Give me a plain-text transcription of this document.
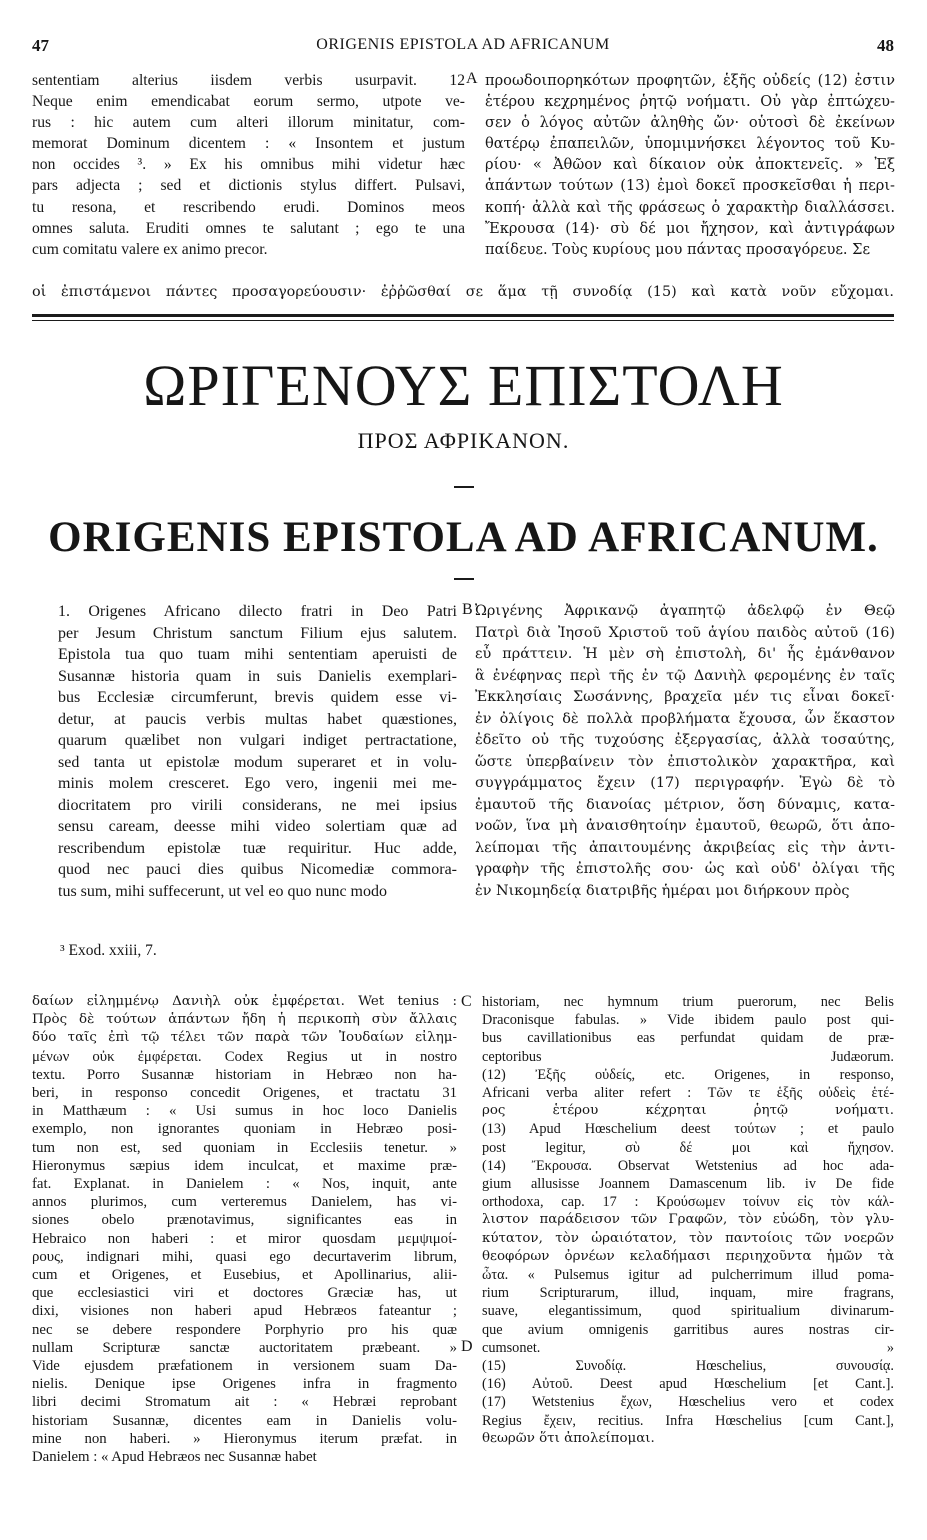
47	ORIGENIS EPISTOLA AD AFRICANUM	48
sententiam alterius iisdem verbis usurpavit. 12
Neque enim emendicabat eorum sermo, utpote ve-
rus : hic autem cum alteri illorum minitatur, com-
memorat Dominum dicentem : « Insontem et justum
non occides ³. » Ex his omnibus mihi videtur hæc
pars adjecta ; sed et dictionis stylus differt. Pulsavi,
tu resona, et rescribendo erudi. Dominos meos
omnes saluta. Eruditi omnes te salutant ; ego te una
cum comitatu valere ex animo precor.
A προωδοιπορηκότων προφητῶν, ἑξῆς οὐδείς (12) ἐστιν
ἑτέρου κεχρημένος ῥητῷ νοήματι. Οὐ γὰρ ἐπτώχευ-
σεν ὁ λόγος αὐτῶν ἀληθὴς ὤν· οὑτοσὶ δὲ ἐκείνων
θατέρῳ ἐπαπειλῶν, ὑπομιμνήσκει λέγοντος τοῦ Κυ-
ρίου· « Ἀθῶον καὶ δίκαιον οὐκ ἀποκτενεῖς. » Ἐξ
ἁπάντων τούτων (13) ἐμοὶ δοκεῖ προσκεῖσθαι ἡ περι-
κοπή· ἀλλὰ καὶ τῆς φράσεως ὁ χαρακτὴρ διαλλάσσει.
Ἔκρουσα (14)· σὺ δέ μοι ἤχησον, καὶ ἀντιγράφων
παίδευε. Τοὺς κυρίους μου πάντας προσαγόρευε. Σε
οἱ ἐπιστάμενοι πάντες προσαγορεύουσιν· ἐῤῥῶσθαί σε ἅμα τῇ συνοδίᾳ (15) καὶ κατὰ νοῦν εὔχομαι.
ΩΡΙΓΕΝΟΥΣ ΕΠΙΣΤΟΛΗ
ΠΡΟΣ ΑΦΡΙΚΑΝΟΝ.
ORIGENIS EPISTOLA AD AFRICANUM.
1. Origenes Africano dilecto fratri in Deo Patri
per Jesum Christum sanctum Filium ejus salutem.
Epistola tua quo tuam mihi sententiam aperuisti de
Susannæ historia quam in suis Danielis exemplari-
bus Ecclesiæ circumferunt, brevis quidem esse vi-
detur, at paucis verbis multas habet quæstiones,
quarum quælibet non vulgari indiget pertractatione,
sed tanta ut epistolæ modum superaret et in volu-
minis molem cresceret. Ego vero, ingenii mei me-
diocritatem pro virili considerans, ne mei ipsius
sensu caream, deesse mihi video solertiam quæ ad
rescribendum epistolæ tuæ requiritur. Huc adde,
quod nec pauci dies quibus Nicomediæ commora-
tus sum, mihi suffecerunt, ut vel eo quo nunc modo
B Ὠριγένης Ἀφρικανῷ ἀγαπητῷ ἀδελφῷ ἐν Θεῷ
Πατρὶ διὰ Ἰησοῦ Χριστοῦ τοῦ ἁγίου παιδὸς αὐτοῦ (16)
εὖ πράττειν. Ἡ μὲν σὴ ἐπιστολὴ, δι' ἧς ἐμάνθανον
ἃ ἐνέφηνας περὶ τῆς ἐν τῷ Δανιὴλ φερομένης ἐν ταῖς
Ἐκκλησίαις Σωσάννης, βραχεῖα μέν τις εἶναι δοκεῖ·
ἐν ὀλίγοις δὲ πολλὰ προβλήματα ἔχουσα, ὧν ἕκαστον
ἐδεῖτο οὐ τῆς τυχούσης ἐξεργασίας, ἀλλὰ τοσαύτης,
ὥστε ὑπερβαίνειν τὸν ἐπιστολικὸν χαρακτῆρα, καὶ
συγγράμματος ἔχειν (17) περιγραφήν. Ἐγὼ δὲ τὸ
ἐμαυτοῦ τῆς διανοίας μέτριον, ὅση δύναμις, κατα-
νοῶν, ἵνα μὴ ἀναισθητοίην ἐμαυτοῦ, θεωρῶ, ὅτι ἀπο-
λείπομαι τῆς ἀπαιτουμένης ἀκριβείας εἰς τὴν ἀντι-
γραφὴν τῆς ἐπιστολῆς σου· ὡς καὶ οὐδ' ὀλίγαι τῆς
ἐν Νικομηδείᾳ διατριβῆς ἡμέραι μοι διήρκουν πρὸς
³ Exod. xxiii, 7.
δαίων εἰλημμένῳ Δανιὴλ οὐκ ἐμφέρεται. Wet tenius :
Πρὸς δὲ τούτων ἁπάντων ἤδη ἡ περικοπὴ σὺν ἄλλαις
δύο ταῖς ἐπὶ τῷ τέλει τῶν παρὰ τῶν Ἰουδαίων εἰλημ-
μένων οὐκ ἐμφέρεται. Codex Regius ut in nostro
textu. Porro Susannæ historiam in Hebræo non ha-
beri, in responso concedit Origenes, et tractatu 31
in Matthæum : « Usi sumus in hoc loco Danielis
exemplo, non ignorantes quoniam in Hebræo posi-
tum non est, sed quoniam in Ecclesiis tenetur. »
Hieronymus sæpius idem inculcat, et maxime præ-
fat. Explanat. in Danielem : « Nos, inquit, ante
annos plurimos, cum verteremus Danielem, has vi-
siones obelo prænotavimus, significantes eas in
Hebraico non haberi : et miror quosdam μεμψιμοί-
ρους, indignari mihi, quasi ego decurtaverim librum,
cum et Origenes, et Eusebius, et Apollinarius, alii-
que ecclesiastici viri et doctores Græciæ has, ut
dixi, visiones non haberi apud Hebræos fateantur ;
nec se debere respondere Porphyrio pro his quæ
nullam Scripturæ sanctæ auctoritatem præbeant. »
Vide ejusdem præfationem in versionem suam Da-
nielis. Denique ipse Origenes infra in fragmento
libri decimi Stromatum ait : « Hebræi reprobant
historiam Susannæ, dicentes eam in Danielis volu-
mine non haberi. » Hieronymus iterum præfat. in
Danielem : « Apud Hebræos nec Susannæ habet
C
D
historiam, nec hymnum trium puerorum, nec Belis
Draconisque fabulas. » Vide ibidem paulo post qui-
bus cavillationibus eas perfundat quidam de præ-
ceptoribus Judæorum.
(12) Ἐξῆς οὐδείς, etc. Origenes, in responso,
Africani verba aliter refert : Τῶν τε ἑξῆς οὐδεὶς ἑτέ-
ρος ἑτέρου κέχρηται ῥητῷ νοήματι.
(13) Apud Hœschelium deest τούτων ; et paulo
post legitur, σὺ δέ μοι καὶ ἤχησον.
(14) Ἔκρουσα. Observat Wetstenius ad hoc ada-
gium allusisse Joannem Damascenum lib. iv De fide
orthodoxa, cap. 17 : Κρούσωμεν τοίνυν εἰς τὸν κάλ-
λιστον παράδεισον τῶν Γραφῶν, τὸν εὐώδη, τὸν γλυ-
κύτατον, τὸν ὡραιότατον, τὸν παντοίοις τῶν νοερῶν
θεοφόρων ὀρνέων κελαδήμασι περιηχοῦντα ἡμῶν τὰ
ὦτα. « Pulsemus igitur ad pulcherrimum illud poma-
rium Scripturarum, illud, inquam, mire fragrans,
suave, elegantissimum, quod spiritualium divinarum-
que avium omnigenis garritibus aures nostras cir-
cumsonet. »
(15) Συνοδίᾳ. Hœschelius, συνουσίᾳ.
(16) Αὐτοῦ. Deest apud Hœschelium [et Cant.].
(17) Wetstenius ἔχων, Hœschelius vero et codex
Regius ἔχειν, recitius. Infra Hœschelius [cum Cant.],
θεωρῶν ὅτι ἀπολείπομαι.
